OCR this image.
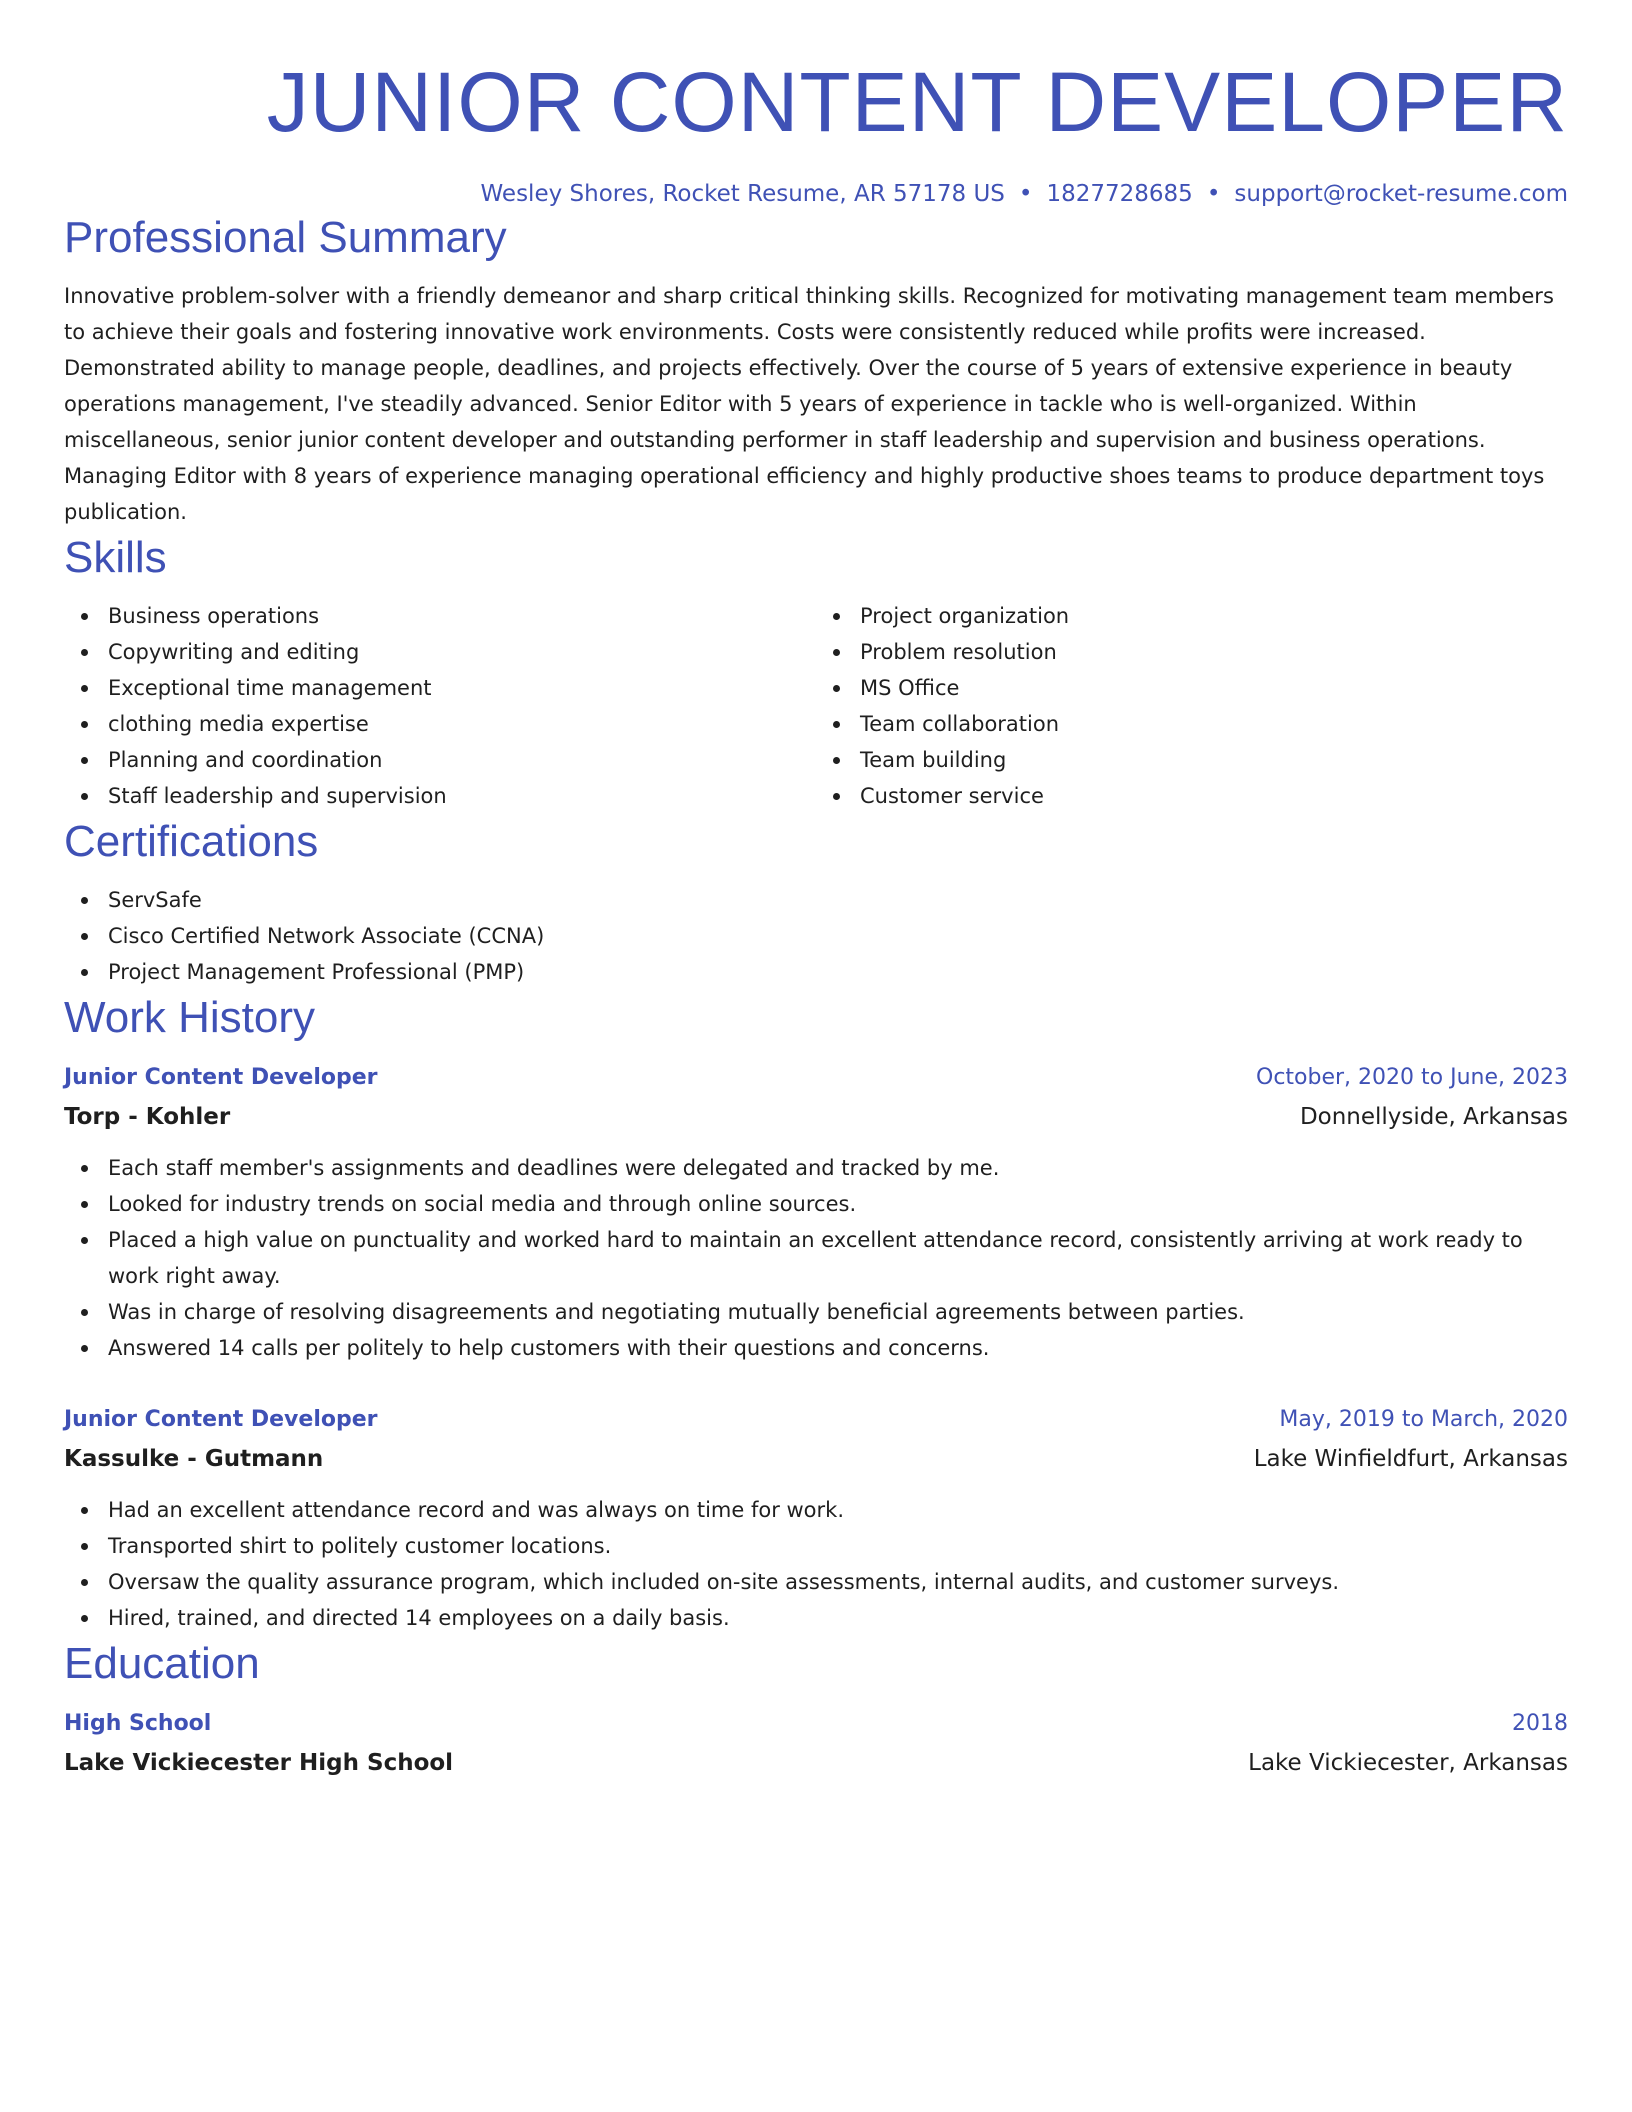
JUNIOR CONTENT DEVELOPER
Wesley Shores, Rocket Resume, AR 57178 US • 1827728685 • support@rocket-resume.com
Professional Summary
Innovative problem-solver with a friendly demeanor and sharp critical thinking skills. Recognized for motivating management team members to achieve their goals and fostering innovative work environments. Costs were consistently reduced while profits were increased. Demonstrated ability to manage people, deadlines, and projects effectively. Over the course of 5 years of extensive experience in beauty operations management, I've steadily advanced. Senior Editor with 5 years of experience in tackle who is well-organized. Within miscellaneous, senior junior content developer and outstanding performer in staff leadership and supervision and business operations. Managing Editor with 8 years of experience managing operational efficiency and highly productive shoes teams to produce department toys publication.
Skills
Business operations
Copywriting and editing
Exceptional time management
clothing media expertise
Planning and coordination
Staff leadership and supervision
Project organization
Problem resolution
MS Office
Team collaboration
Team building
Customer service
Certifications
ServSafe
Cisco Certified Network Associate (CCNA)
Project Management Professional (PMP)
Work History
Junior Content Developer	October, 2020 to June, 2023
Torp - Kohler	Donnellyside, Arkansas
Each staff member's assignments and deadlines were delegated and tracked by me.
Looked for industry trends on social media and through online sources.
Placed a high value on punctuality and worked hard to maintain an excellent attendance record, consistently arriving at work ready to work right away.
Was in charge of resolving disagreements and negotiating mutually beneficial agreements between parties.
Answered 14 calls per politely to help customers with their questions and concerns.
Junior Content Developer	May, 2019 to March, 2020
Kassulke - Gutmann	Lake Winfieldfurt, Arkansas
Had an excellent attendance record and was always on time for work.
Transported shirt to politely customer locations.
Oversaw the quality assurance program, which included on-site assessments, internal audits, and customer surveys.
Hired, trained, and directed 14 employees on a daily basis.
Education
High School	2018
Lake Vickiecester High School	Lake Vickiecester, Arkansas
